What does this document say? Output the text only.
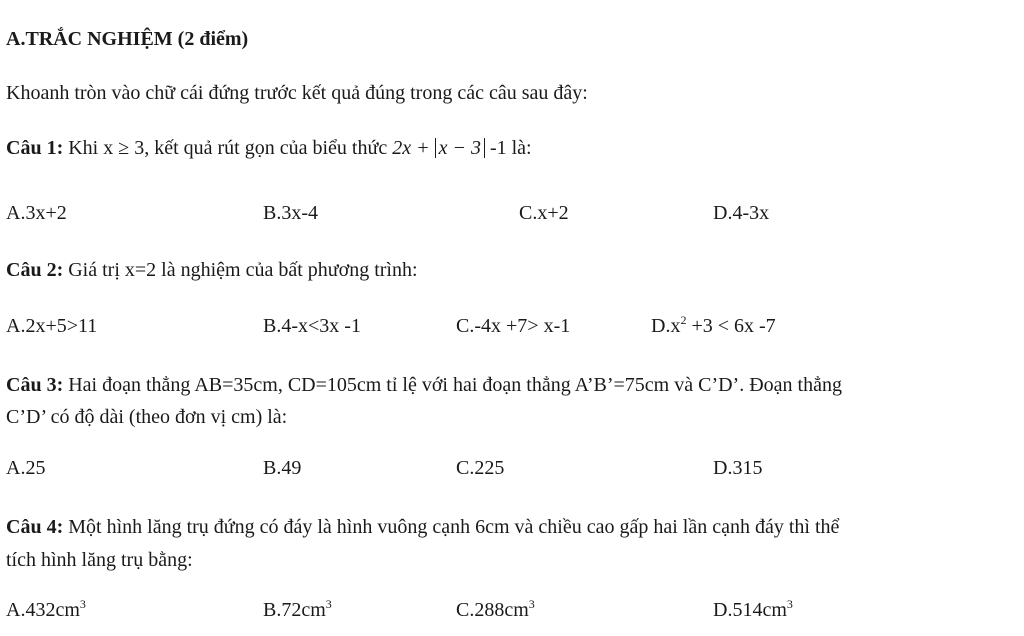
A.TRẮC NGHIỆM (2 điểm)
Khoanh tròn vào chữ cái đứng trước kết quả đúng trong các câu sau đây:
Câu 1: Khi x ≥ 3, kết quả rút gọn của biểu thức 2x + x − 3 -1 là:
A.3x+2	B.3x-4	C.x+2	D.4-3x
Câu 2: Giá trị x=2 là nghiệm của bất phương trình:
A.2x+5>11	B.4-x<3x -1	C.-4x +7> x-1	$D.x^2 +3 < 6x$ -7
Câu 3: Hai đoạn thẳng AB=35cm, CD=105cm tỉ lệ với hai đoạn thẳng A’B’=75cm và C’D’. Đoạn thẳng
C’D’ có độ dài (theo đơn vị cm) là:
A.25	B.49	C.225	D.315
Câu 4: Một hình lăng trụ đứng có đáy là hình vuông cạnh 6cm và chiều cao gấp hai lần cạnh đáy thì thể
tích hình lăng trụ bằng:
$A.432cm^3$	$B.72cm^3$	$C.288cm^3$	$D.514cm^3$
